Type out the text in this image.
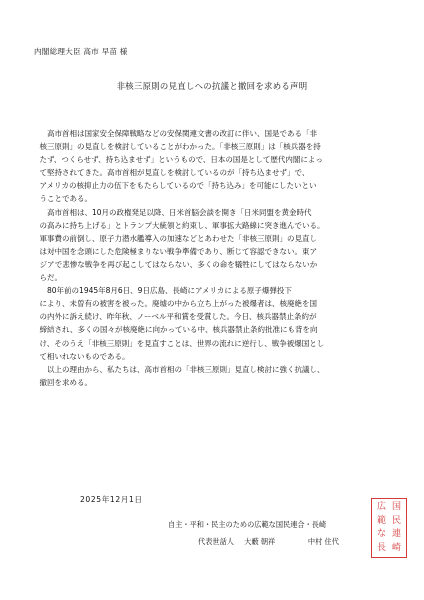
内閣総理大臣 高市 早苗 様
非核三原則の見直しへの抗議と撤回を求める声明

高市首相は国家安全保障戦略などの安保関連文書の改訂に伴い、国是である「非
核三原則」の見直しを検討していることがわかった。「非核三原則」は「核兵器を持
たず、つくらせず、持ち込ませず」というもので、日本の国是として歴代内閣によっ
て堅持されてきた。高市首相が見直しを検討しているのが「持ち込ませず」で、
アメリカの核抑止力の伍下をもたらしているので「持ち込み」を可能にしたいとい
うことである。

高市首相は、10月の政権発足以降、日米首脳会談を開き「日米同盟を黄金時代
の高みに持ち上げる」とトランプ大統領と約束し、軍事拡大路線に突き進んでいる。
軍事費の前倒し、原子力潜水艦導入の加速などとあわせた「非核三原則」の見直し
は対中国を念頭にした危険極まりない戦争準備であり、断じて容認できない。東ア
ジアで悲惨な戦争を再び起こしてはならない、多くの命を犠牲にしてはならないか
らだ。

80年前の1945年8月6日、9日広島、長崎にアメリカによる原子爆弾投下
により、未曽有の被害を被った。廃墟の中から立ち上がった被爆者は、核廃絶を国
の内外に訴え続け、昨年秋、ノーベル平和賞を受賞した。今日、核兵器禁止条約が
締結され、多くの国々が核廃絶に向かっている中、核兵器禁止条約批准にも背を向
け、そのうえ「非核三原則」を見直すことは、世界の流れに逆行し、戦争被爆国とし
て相いれないものである。

以上の理由から、私たちは、高市首相の「非核三原則」見直し検討に強く抗議し、
撤回を求める。

2025年12月1日
自主・平和・民主のための広範な国民連合・長崎
代表世話人 大藪 朝祥	中村 住代
広 国
範 民
な 連
長 崎
